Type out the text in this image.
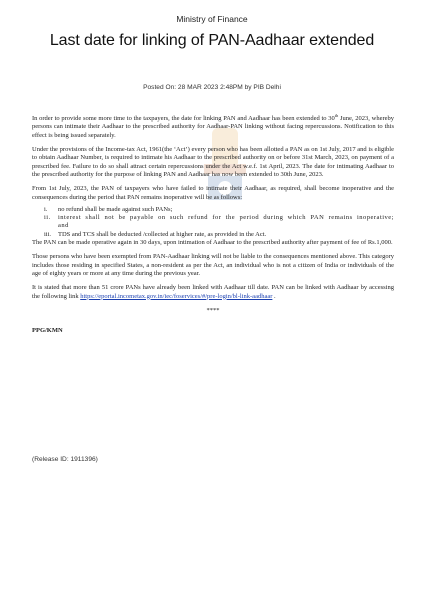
Ministry of Finance
Last date for linking of PAN-Aadhaar extended
Posted On: 28 MAR 2023 2:48PM by PIB Delhi

In order to provide some more time to the taxpayers, the date for linking PAN and Aadhaar has been extended to 30th June, 2023, whereby persons can intimate their Aadhaar to the prescribed authority for Aadhaar-PAN linking without facing repercussions. Notification to this effect is being issued separately.

Under the provisions of the Income-tax Act, 1961(the ‘Act’) every person who has been allotted a PAN as on 1st July, 2017 and is eligible to obtain Aadhaar Number, is required to intimate his Aadhaar to the prescribed authority on or before 31st March, 2023, on payment of a prescribed fee. Failure to do so shall attract certain repercussions under the Act w.e.f. 1st April, 2023. The date for intimating Aadhaar to the prescribed authority for the purpose of linking PAN and Aadhaar has now been extended to 30th June, 2023.

From 1st July, 2023, the PAN of taxpayers who have failed to intimate their Aadhaar, as required, shall become inoperative and the consequences during the period that PAN remains inoperative will be as follows:

i. no refund shall be made against such PANs;
ii. interest shall not be payable on such refund for the period during which PAN remains inoperative; and
iii. TDS and TCS shall be deducted /collected at higher rate, as provided in the Act.

The PAN can be made operative again in 30 days, upon intimation of Aadhaar to the prescribed authority after payment of fee of Rs.1,000.

Those persons who have been exempted from PAN-Aadhaar linking will not be liable to the consequences mentioned above. This category includes those residing in specified States, a non-resident as per the Act, an individual who is not a citizen of India or individuals of the age of eighty years or more at any time during the previous year.

It is stated that more than 51 crore PANs have already been linked with Aadhaar till date. PAN can be linked with Aadhaar by accessing the following link https://eportal.incometax.gov.in/iec/foservices/#/pre-login/bl-link-aadhaar .

****
PPG/KMN
(Release ID: 1911396)
